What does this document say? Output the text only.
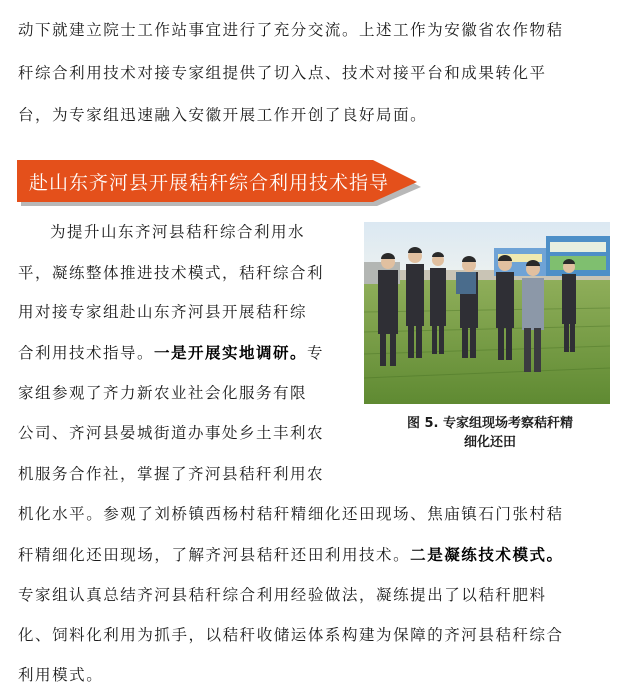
动下就建立院士工作站事宜进行了充分交流。上述工作为安徽省农作物秸
秆综合利用技术对接专家组提供了切入点、技术对接平台和成果转化平
台，为专家组迅速融入安徽开展工作开创了良好局面。
赴山东齐河县开展秸秆综合利用技术指导
为提升山东齐河县秸秆综合利用水
平，凝练整体推进技术模式，秸秆综合利
用对接专家组赴山东齐河县开展秸秆综
合利用技术指导。一是开展实地调研。专
家组参观了齐力新农业社会化服务有限
公司、齐河县晏城街道办事处乡土丰利农
机服务合作社，掌握了齐河县秸秆利用农
图 5. 专家组现场考察秸秆精
细化还田
机化水平。参观了刘桥镇西杨村秸秆精细化还田现场、焦庙镇石门张村秸
秆精细化还田现场，了解齐河县秸秆还田利用技术。二是凝练技术模式。
专家组认真总结齐河县秸秆综合利用经验做法，凝练提出了以秸秆肥料
化、饲料化利用为抓手，以秸秆收储运体系构建为保障的齐河县秸秆综合
利用模式。
